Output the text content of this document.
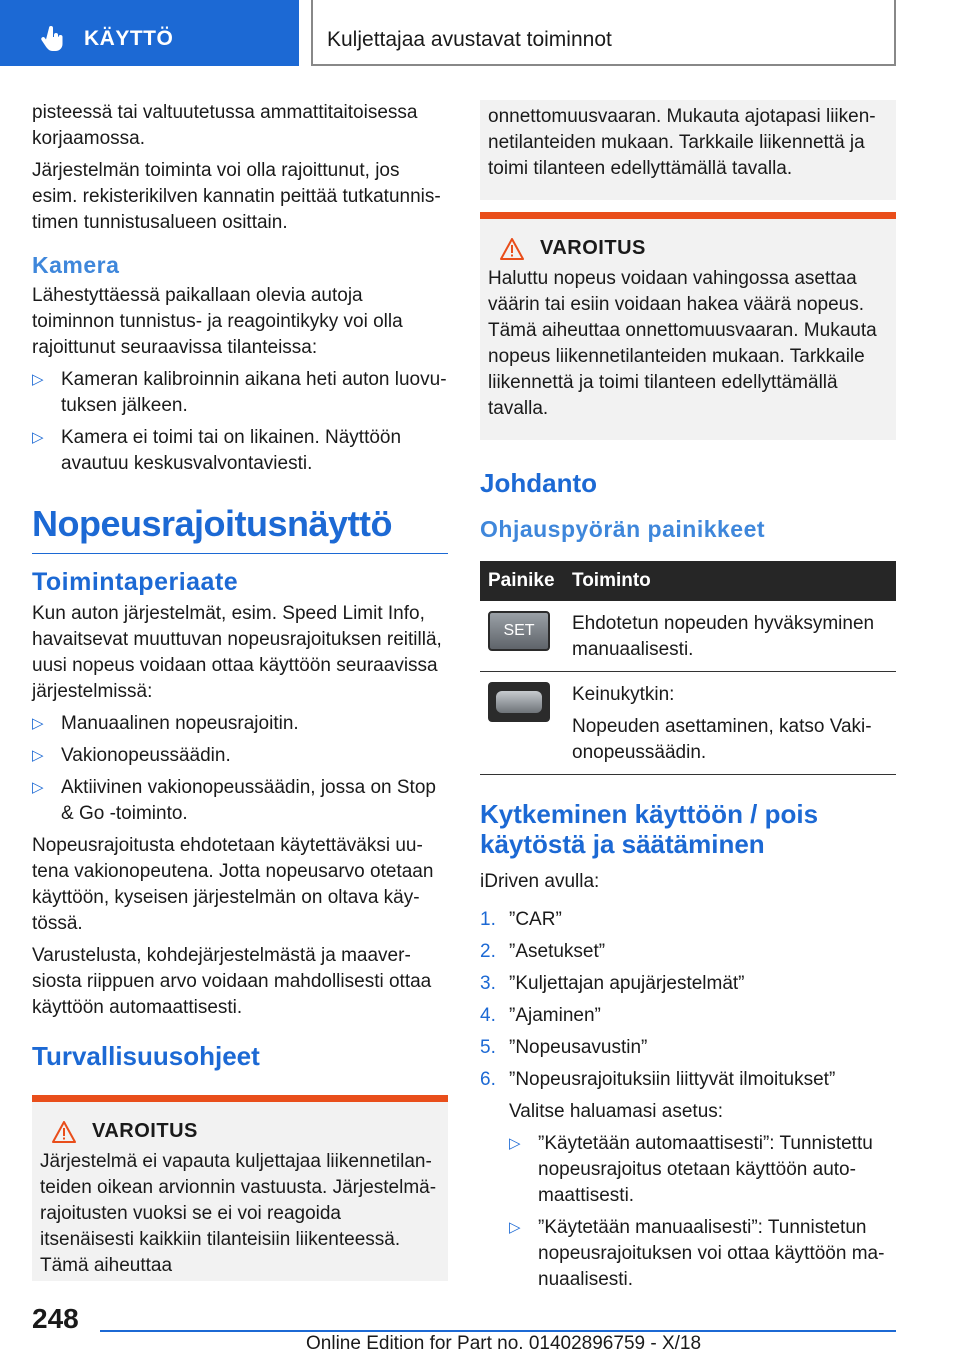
KÄYTTÖ	Kuljettajaa avustavat toiminnot

pisteessä tai valtuutetussa ammattitaitoisessa korjaamossa.

Järjestelmän toiminta voi olla rajoittunut, jos esim. rekisterikilven kannatin peittää tutkatunnistimen tunnistusalueen osittain.

Kamera

Lähestyttäessä paikallaan olevia autoja toiminnon tunnistus- ja reagointikyky voi olla rajoittunut seuraavissa tilanteissa:

▷ Kameran kalibroinnin aikana heti auton luovutuksen jälkeen.
▷ Kamera ei toimi tai on likainen. Näyttöön avautuu keskusvalvontaviesti.
Nopeusrajoitusnäyttö
Toimintaperiaate

Kun auton järjestelmät, esim. Speed Limit Info, havaitsevat muuttuvan nopeusrajoituksen reitillä, uusi nopeus voidaan ottaa käyttöön seuraavissa järjestelmissä:

▷ Manuaalinen nopeusrajoitin.
▷ Vakionopeussäädin.
▷ Aktiivinen vakionopeussäädin, jossa on Stop & Go -toiminto.

Nopeusrajoitusta ehdotetaan käytettäväksi uutena vakionopeutena. Jotta nopeusarvo otetaan käyttöön, kyseisen järjestelmän on oltava käytössä.

Varustelusta, kohdejärjestelmästä ja maaversiosta riippuen arvo voidaan mahdollisesti ottaa käyttöön automaattisesti.

Turvallisuusohjeet
VAROITUS

Järjestelmä ei vapauta kuljettajaa liikennetilanteiden oikean arvionnin vastuusta. Järjestelmärajoitusten vuoksi se ei voi reagoida itsenäisesti kaikkiin tilanteisiin liikenteessä. Tämä aiheuttaa

onnettomuusvaaran. Mukauta ajotapasi liikennetilanteiden mukaan. Tarkkaile liikennettä ja toimi tilanteen edellyttämällä tavalla.

VAROITUS

Haluttu nopeus voidaan vahingossa asettaa väärin tai esiin voidaan hakea väärä nopeus. Tämä aiheuttaa onnettomuusvaaran. Mukauta nopeus liikennetilanteiden mukaan. Tarkkaile liikennettä ja toimi tilanteen edellyttämällä tavalla.

Johdanto
Ohjauspyörän painikkeet
Painike	Toiminto

SET	Ehdotetun nopeuden hyväksyminen manuaalisesti.

	Keinukytkin:
Nopeuden asettaminen, katso Vakionopeussäädin.
Kytkeminen käyttöön / pois käytöstä ja säätäminen

iDriven avulla:

1. ”CAR”
2. ”Asetukset”
3. ”Kuljettajan apujärjestelmät”
4. ”Ajaminen”
5. ”Nopeusavustin”
6. ”Nopeusrajoituksiin liittyvät ilmoitukset”

Valitse haluamasi asetus:

▷ ”Käytetään automaattisesti”: Tunnistettu nopeusrajoitus otetaan käyttöön automaattisesti.
▷ ”Käytetään manuaalisesti”: Tunnistetun nopeusrajoituksen voi ottaa käyttöön manuaalisesti.
248
Online Edition for Part no. 01402896759 - X/18
